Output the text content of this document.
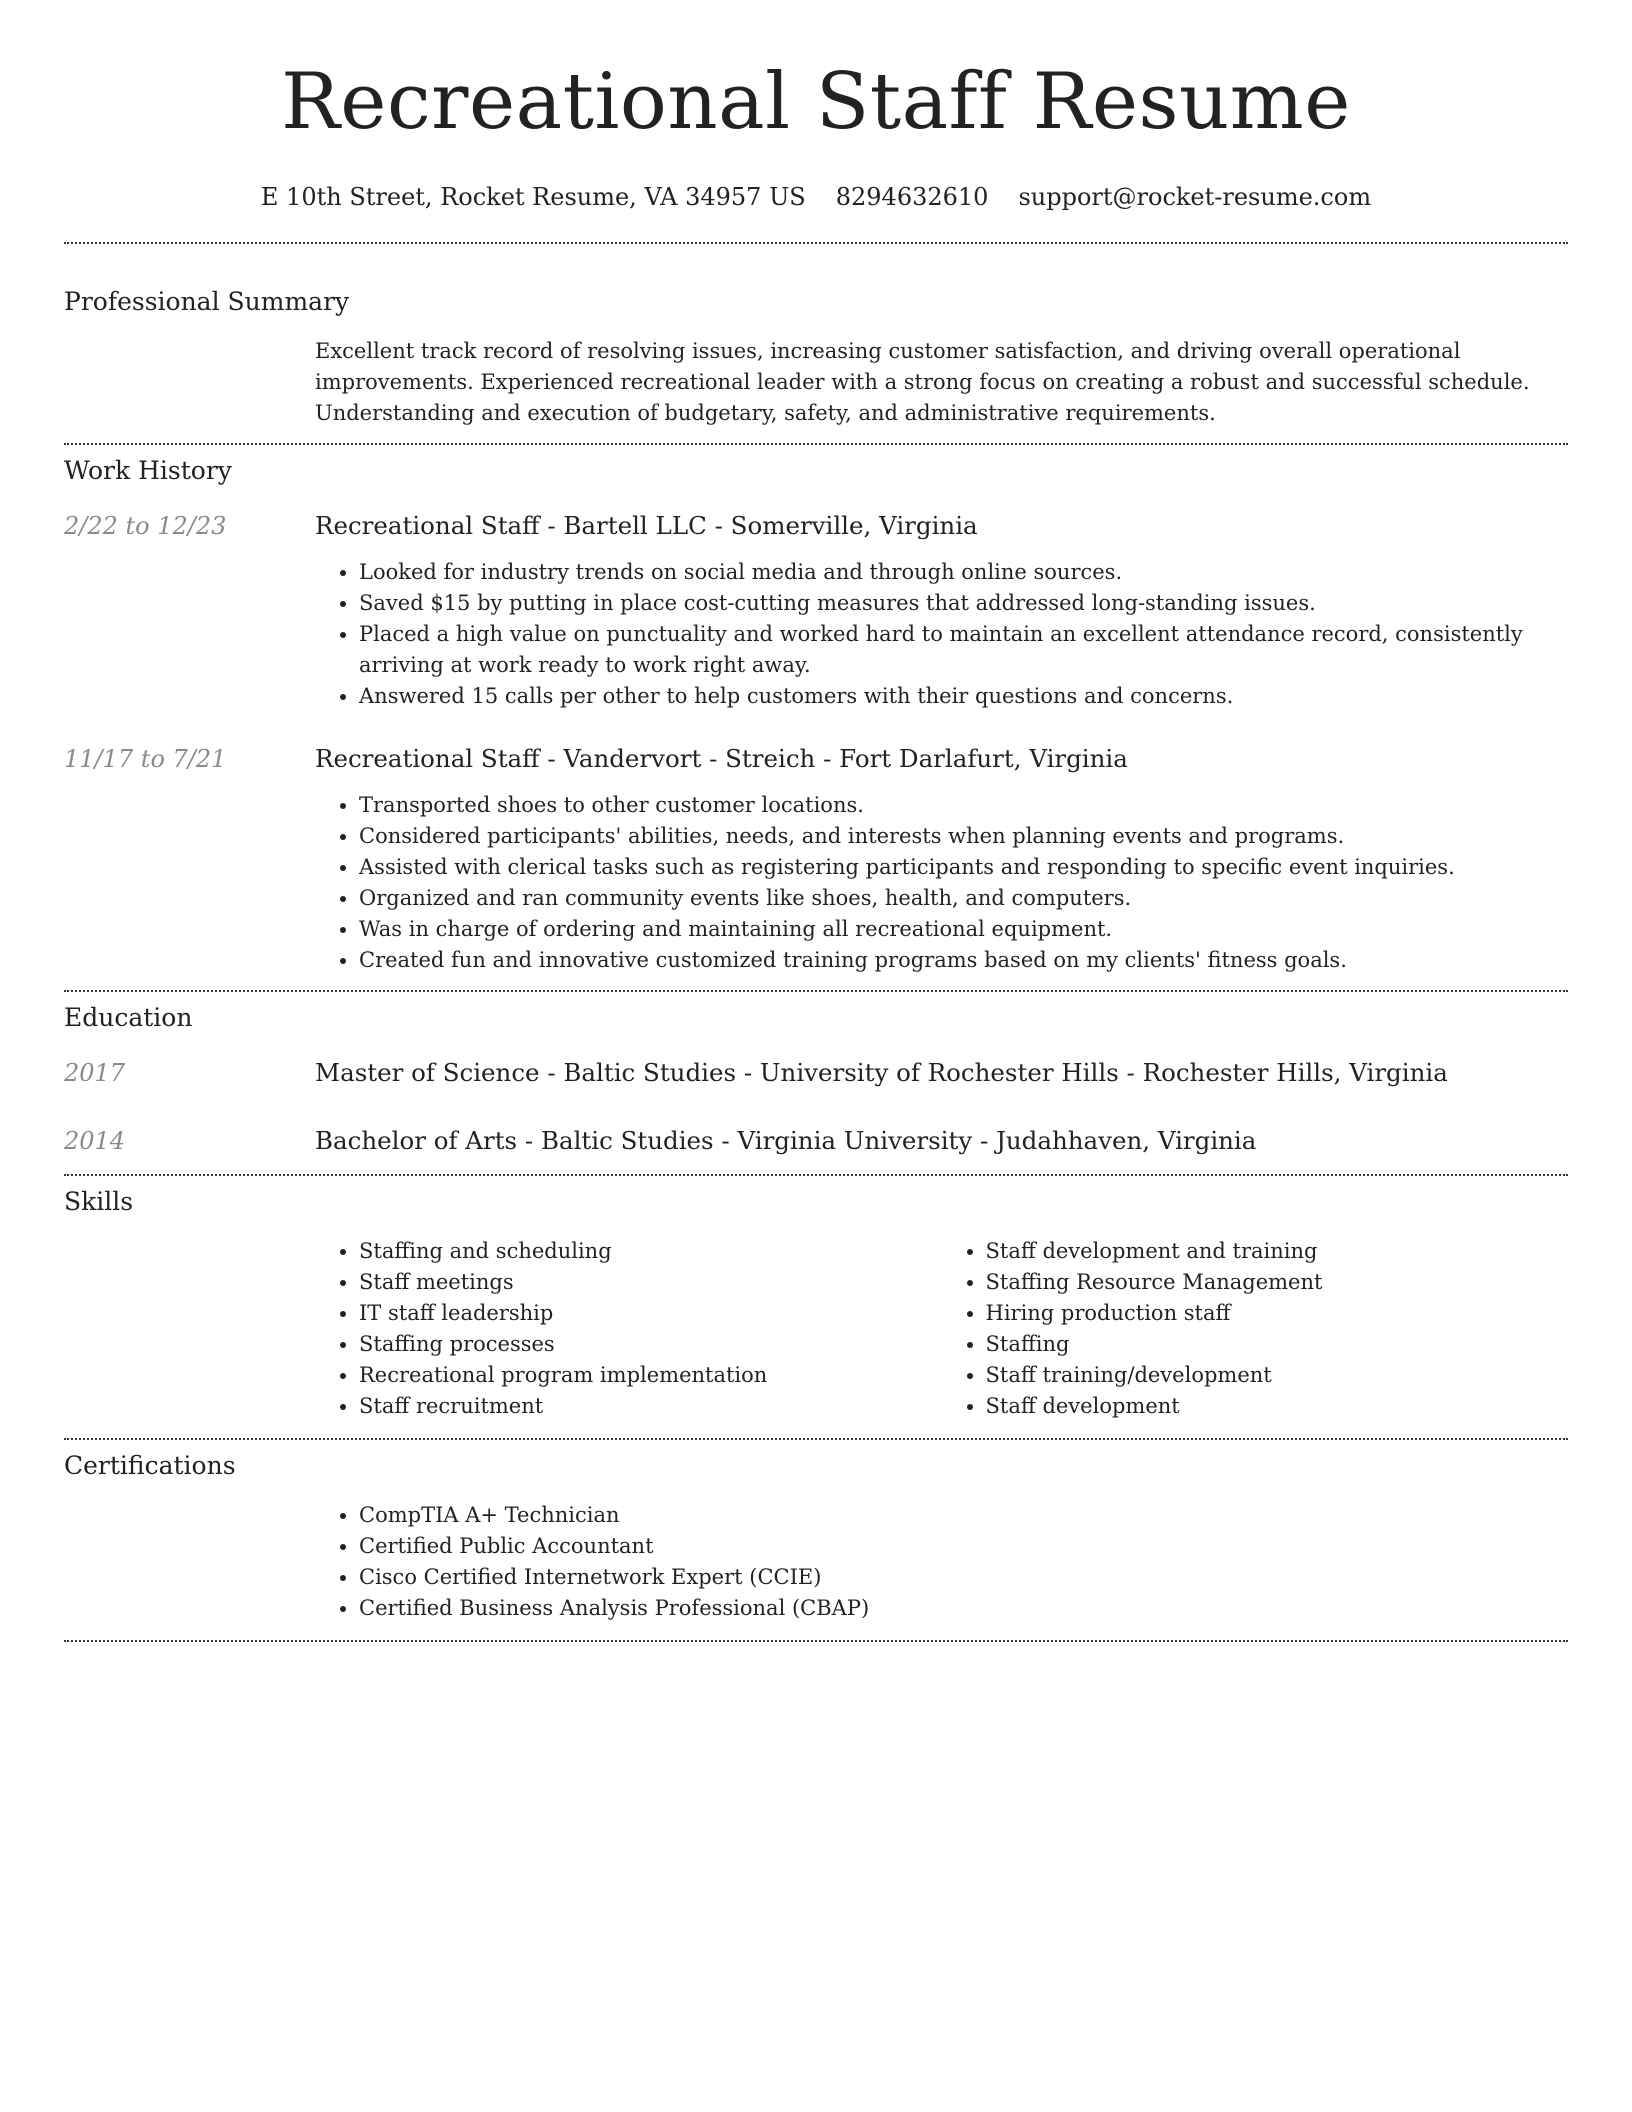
Recreational Staff Resume
E 10th Street, Rocket Resume, VA 34957 US 8294632610 support@rocket-resume.com
Professional Summary

Excellent track record of resolving issues, increasing customer satisfaction, and driving overall operational improvements. Experienced recreational leader with a strong focus on creating a robust and successful schedule. Understanding and execution of budgetary, safety, and administrative requirements.

Work History
2/22 to 12/23	Recreational Staff - Bartell LLC - Somerville, Virginia
• Looked for industry trends on social media and through online sources.
• Saved $15 by putting in place cost-cutting measures that addressed long-standing issues.
• Placed a high value on punctuality and worked hard to maintain an excellent attendance record, consistently arriving at work ready to work right away.
• Answered 15 calls per other to help customers with their questions and concerns.
11/17 to 7/21	Recreational Staff - Vandervort - Streich - Fort Darlafurt, Virginia
• Transported shoes to other customer locations.
• Considered participants' abilities, needs, and interests when planning events and programs.
• Assisted with clerical tasks such as registering participants and responding to specific event inquiries.
• Organized and ran community events like shoes, health, and computers.
• Was in charge of ordering and maintaining all recreational equipment.
• Created fun and innovative customized training programs based on my clients' fitness goals.
Education
2017	Master of Science - Baltic Studies - University of Rochester Hills - Rochester Hills, Virginia
2014	Bachelor of Arts - Baltic Studies - Virginia University - Judahhaven, Virginia
Skills
• Staffing and scheduling
• Staff meetings
• IT staff leadership
• Staffing processes
• Recreational program implementation
• Staff recruitment
• Staff development and training
• Staffing Resource Management
• Hiring production staff
• Staffing
• Staff training/development
• Staff development
Certifications
• CompTIA A+ Technician
• Certified Public Accountant
• Cisco Certified Internetwork Expert (CCIE)
• Certified Business Analysis Professional (CBAP)
